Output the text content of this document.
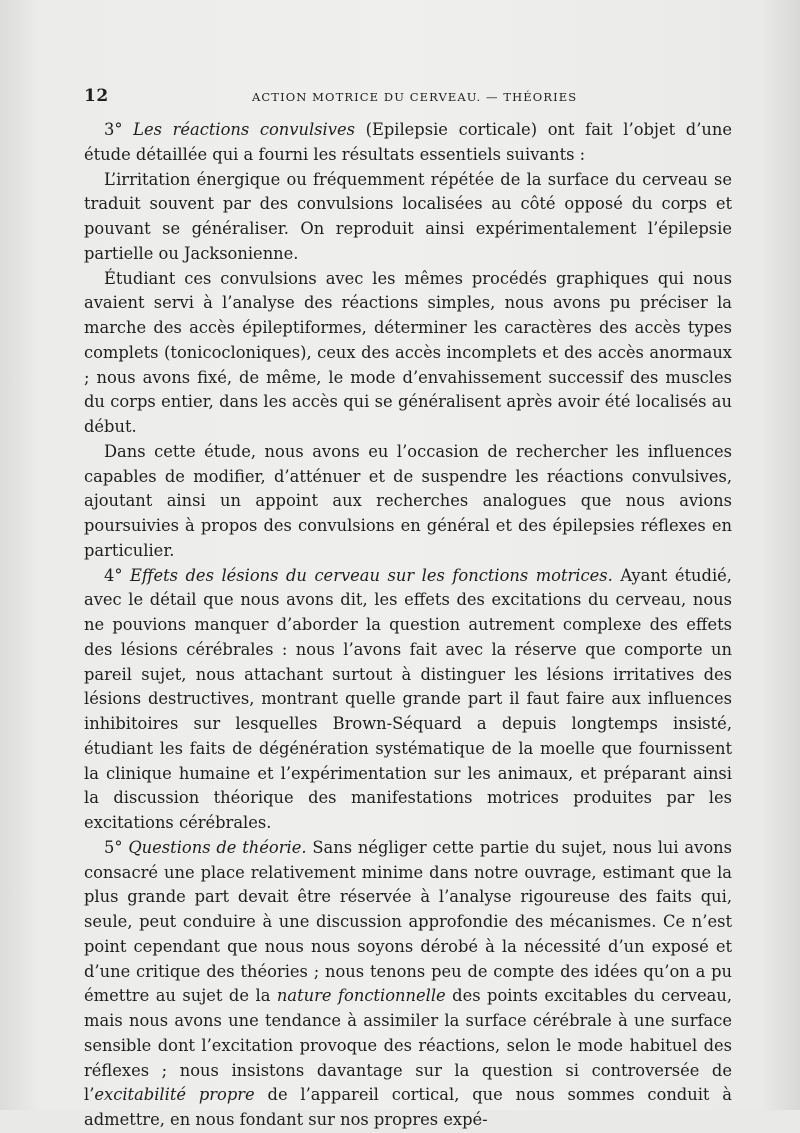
12	ACTION MOTRICE DU CERVEAU. — THÉORIES

3° Les réactions convulsives (Epilepsie corticale) ont fait l’objet d’une étude détaillée qui a fourni les résultats essentiels suivants :

L’irritation énergique ou fréquemment répétée de la surface du cerveau se traduit souvent par des convulsions localisées au côté opposé du corps et pouvant se généraliser. On reproduit ainsi expérimentalement l’épilepsie partielle ou Jacksonienne.

Étudiant ces convulsions avec les mêmes procédés graphiques qui nous avaient servi à l’analyse des réactions simples, nous avons pu préciser la marche des accès épileptiformes, déterminer les caractères des accès types complets (tonicocloniques), ceux des accès incomplets et des accès anormaux ; nous avons fixé, de même, le mode d’envahissement successif des muscles du corps entier, dans les accès qui se généralisent après avoir été localisés au début.

Dans cette étude, nous avons eu l’occasion de rechercher les influences capables de modifier, d’atténuer et de suspendre les réactions convulsives, ajoutant ainsi un appoint aux recherches analogues que nous avions poursuivies à propos des convulsions en général et des épilepsies réflexes en particulier.

4° Effets des lésions du cerveau sur les fonctions motrices. Ayant étudié, avec le détail que nous avons dit, les effets des excitations du cerveau, nous ne pouvions manquer d’aborder la question autrement complexe des effets des lésions cérébrales : nous l’avons fait avec la réserve que comporte un pareil sujet, nous attachant surtout à distinguer les lésions irritatives des lésions destructives, montrant quelle grande part il faut faire aux influences inhibitoires sur lesquelles Brown-Séquard a depuis longtemps insisté, étudiant les faits de dégénération systématique de la moelle que fournissent la clinique humaine et l’expérimentation sur les animaux, et préparant ainsi la discussion théorique des manifestations motrices produites par les excitations cérébrales.

5° Questions de théorie. Sans négliger cette partie du sujet, nous lui avons consacré une place relativement minime dans notre ouvrage, estimant que la plus grande part devait être réservée à l’analyse rigoureuse des faits qui, seule, peut conduire à une discussion approfondie des mécanismes. Ce n’est point cependant que nous nous soyons dérobé à la nécessité d’un exposé et d’une critique des théories ; nous tenons peu de compte des idées qu’on a pu émettre au sujet de la nature fonctionnelle des points excitables du cerveau, mais nous avons une tendance à assimiler la surface cérébrale à une surface sensible dont l’excitation provoque des réactions, selon le mode habituel des réflexes ; nous insistons davantage sur la question si controversée de l’excitabilité propre de l’appareil cortical, que nous sommes conduit à admettre, en nous fondant sur nos propres expé-
